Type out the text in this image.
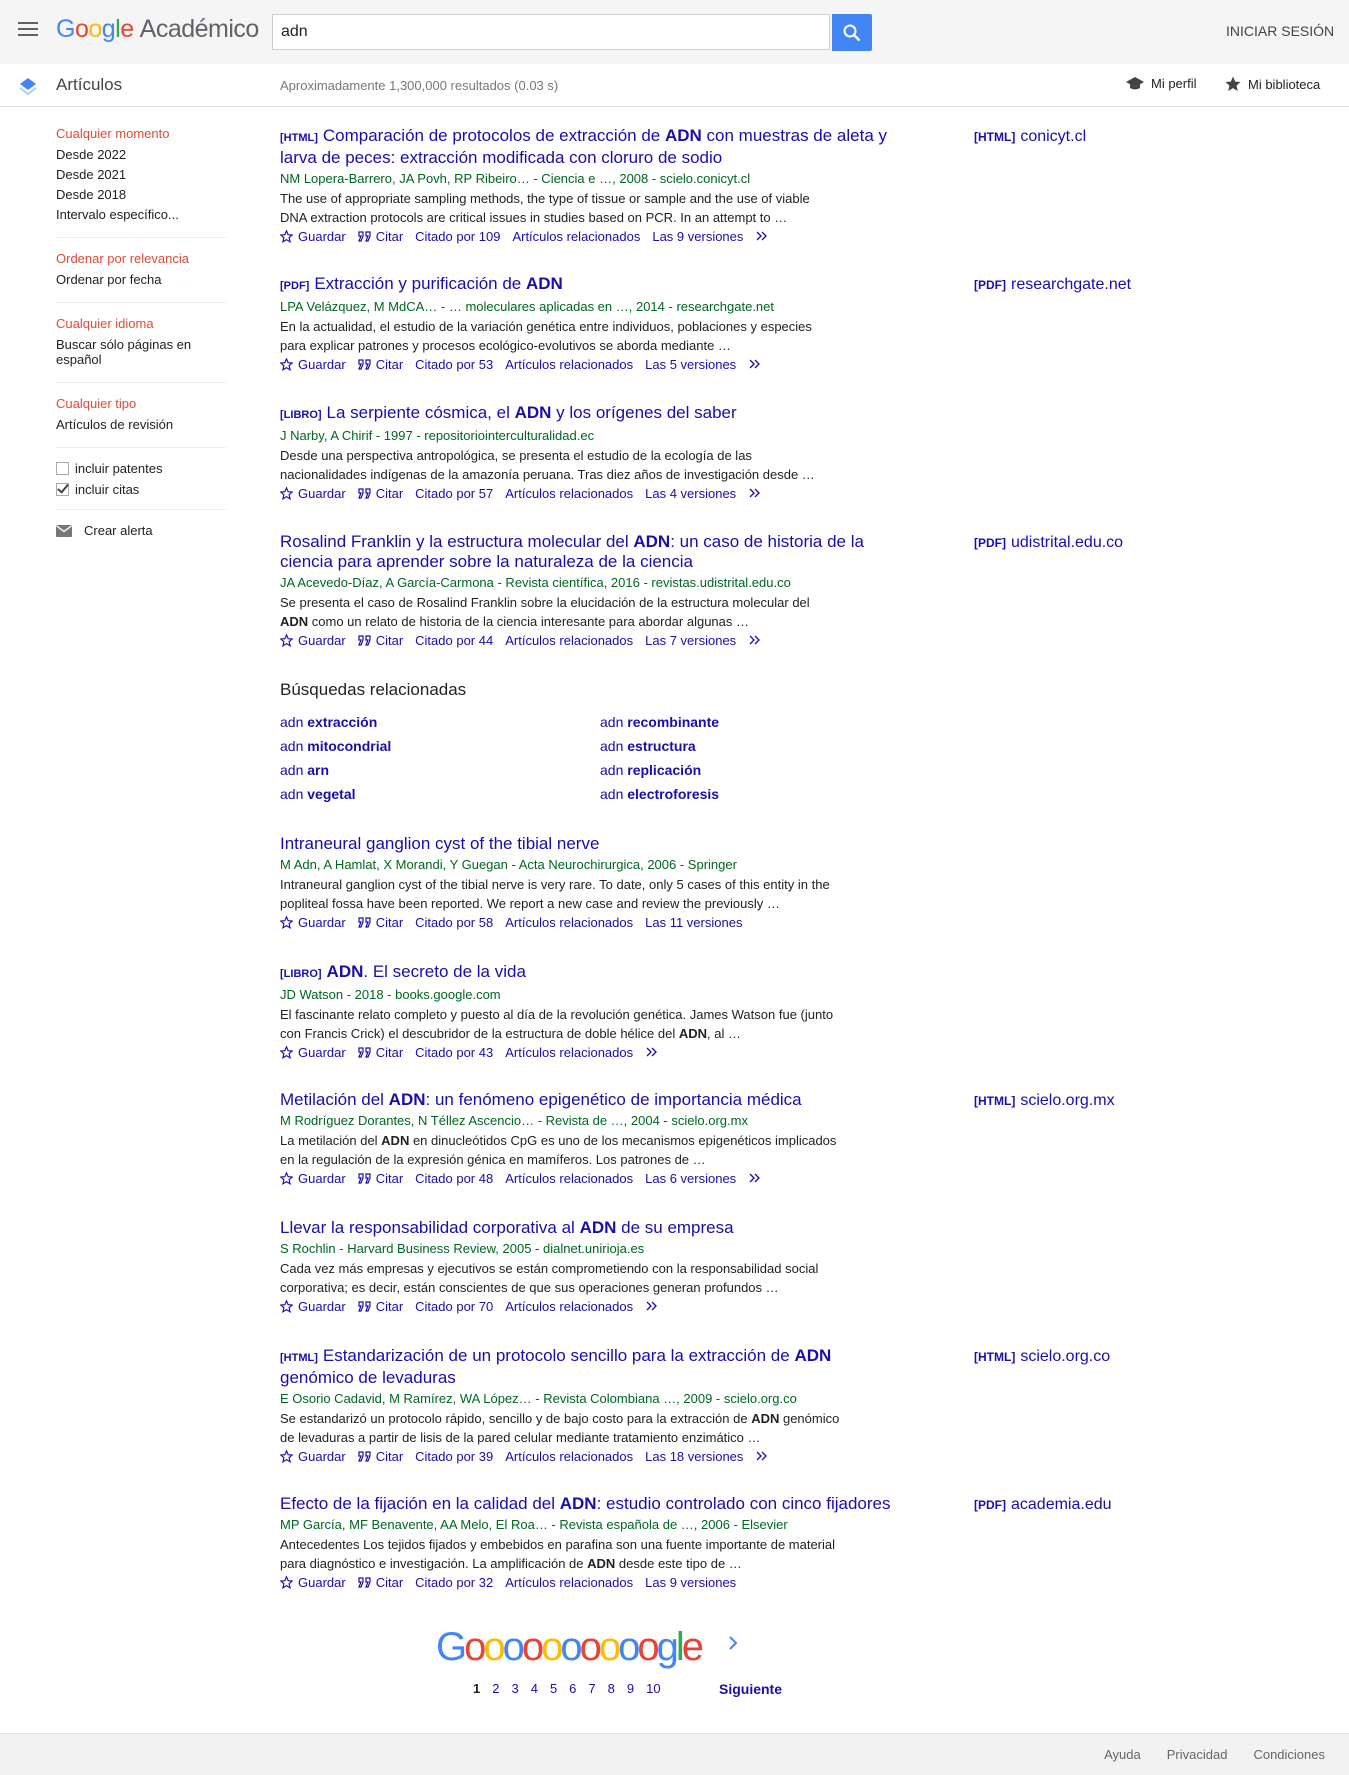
Google Académico
adn	INICIAR SESIÓN
Artículos	Aproximadamente 1,300,000 resultados (0.03 s)	Mi perfil	Mi biblioteca
Cualquier momento
Desde 2022
Desde 2021
Desde 2018
Intervalo específico...
Ordenar por relevancia
Ordenar por fecha
Cualquier idioma
Buscar sólo páginas en español
Cualquier tipo
Artículos de revisión
incluir patentes
incluir citas
Crear alerta
[HTML] Comparación de protocolos de extracción de ADN con muestras de aleta y larva de peces: extracción modificada con cloruro de sodio
NM Lopera-Barrero, JA Povh, RP Ribeiro… - Ciencia e …, 2008 - scielo.conicyt.cl
The use of appropriate sampling methods, the type of tissue or sample and the use of viable DNA extraction protocols are critical issues in studies based on PCR. In an attempt to …
Guardar Citar Citado por 109 Artículos relacionados Las 9 versiones
[HTML] conicyt.cl
[PDF] Extracción y purificación de ADN
LPA Velázquez, M MdCA… - … moleculares aplicadas en …, 2014 - researchgate.net
En la actualidad, el estudio de la variación genética entre individuos, poblaciones y especies para explicar patrones y procesos ecológico-evolutivos se aborda mediante …
Guardar Citar Citado por 53 Artículos relacionados Las 5 versiones
[PDF] researchgate.net
[LIBRO] La serpiente cósmica, el ADN y los orígenes del saber
J Narby, A Chirif - 1997 - repositoriointerculturalidad.ec
Desde una perspectiva antropológica, se presenta el estudio de la ecología de las nacionalidades indígenas de la amazonía peruana. Tras diez años de investigación desde …
Guardar Citar Citado por 57 Artículos relacionados Las 4 versiones
Rosalind Franklin y la estructura molecular del ADN: un caso de historia de la ciencia para aprender sobre la naturaleza de la ciencia
JA Acevedo-Díaz, A García-Carmona - Revista científica, 2016 - revistas.udistrital.edu.co
Se presenta el caso de Rosalind Franklin sobre la elucidación de la estructura molecular del ADN como un relato de historia de la ciencia interesante para abordar algunas …
Guardar Citar Citado por 44 Artículos relacionados Las 7 versiones
[PDF] udistrital.edu.co
Intraneural ganglion cyst of the tibial nerve
M Adn, A Hamlat, X Morandi, Y Guegan - Acta Neurochirurgica, 2006 - Springer
Intraneural ganglion cyst of the tibial nerve is very rare. To date, only 5 cases of this entity in the popliteal fossa have been reported. We report a new case and review the previously …
Guardar Citar Citado por 58 Artículos relacionados Las 11 versiones
[LIBRO] ADN. El secreto de la vida
JD Watson - 2018 - books.google.com
El fascinante relato completo y puesto al día de la revolución genética. James Watson fue (junto con Francis Crick) el descubridor de la estructura de doble hélice del ADN, al …
Guardar Citar Citado por 43 Artículos relacionados
Metilación del ADN: un fenómeno epigenético de importancia médica
M Rodríguez Dorantes, N Téllez Ascencio… - Revista de …, 2004 - scielo.org.mx
La metilación del ADN en dinucleótidos CpG es uno de los mecanismos epigenéticos implicados en la regulación de la expresión génica en mamíferos. Los patrones de …
Guardar Citar Citado por 48 Artículos relacionados Las 6 versiones
[HTML] scielo.org.mx
Llevar la responsabilidad corporativa al ADN de su empresa
S Rochlin - Harvard Business Review, 2005 - dialnet.unirioja.es
Cada vez más empresas y ejecutivos se están comprometiendo con la responsabilidad social corporativa; es decir, están conscientes de que sus operaciones generan profundos …
Guardar Citar Citado por 70 Artículos relacionados
[HTML] Estandarización de un protocolo sencillo para la extracción de ADN genómico de levaduras
E Osorio Cadavid, M Ramírez, WA López… - Revista Colombiana …, 2009 - scielo.org.co
Se estandarizó un protocolo rápido, sencillo y de bajo costo para la extracción de ADN genómico de levaduras a partir de lisis de la pared celular mediante tratamiento enzimático …
Guardar Citar Citado por 39 Artículos relacionados Las 18 versiones
[HTML] scielo.org.co
Efecto de la fijación en la calidad del ADN: estudio controlado con cinco fijadores
MP García, MF Benavente, AA Melo, El Roa… - Revista española de …, 2006 - Elsevier
Antecedentes Los tejidos fijados y embebidos en parafina son una fuente importante de material para diagnóstico e investigación. La amplificación de ADN desde este tipo de …
Guardar Citar Citado por 32 Artículos relacionados Las 9 versiones
[PDF] academia.edu
Búsquedas relacionadas
adn extracción	adn recombinante
adn mitocondrial	adn estructura
adn arn	adn replicación
adn vegetal	adn electroforesis
Goooooooooogle
1 2 3 4 5 6 7 8 9 10	Siguiente
Ayuda Privacidad Condiciones
